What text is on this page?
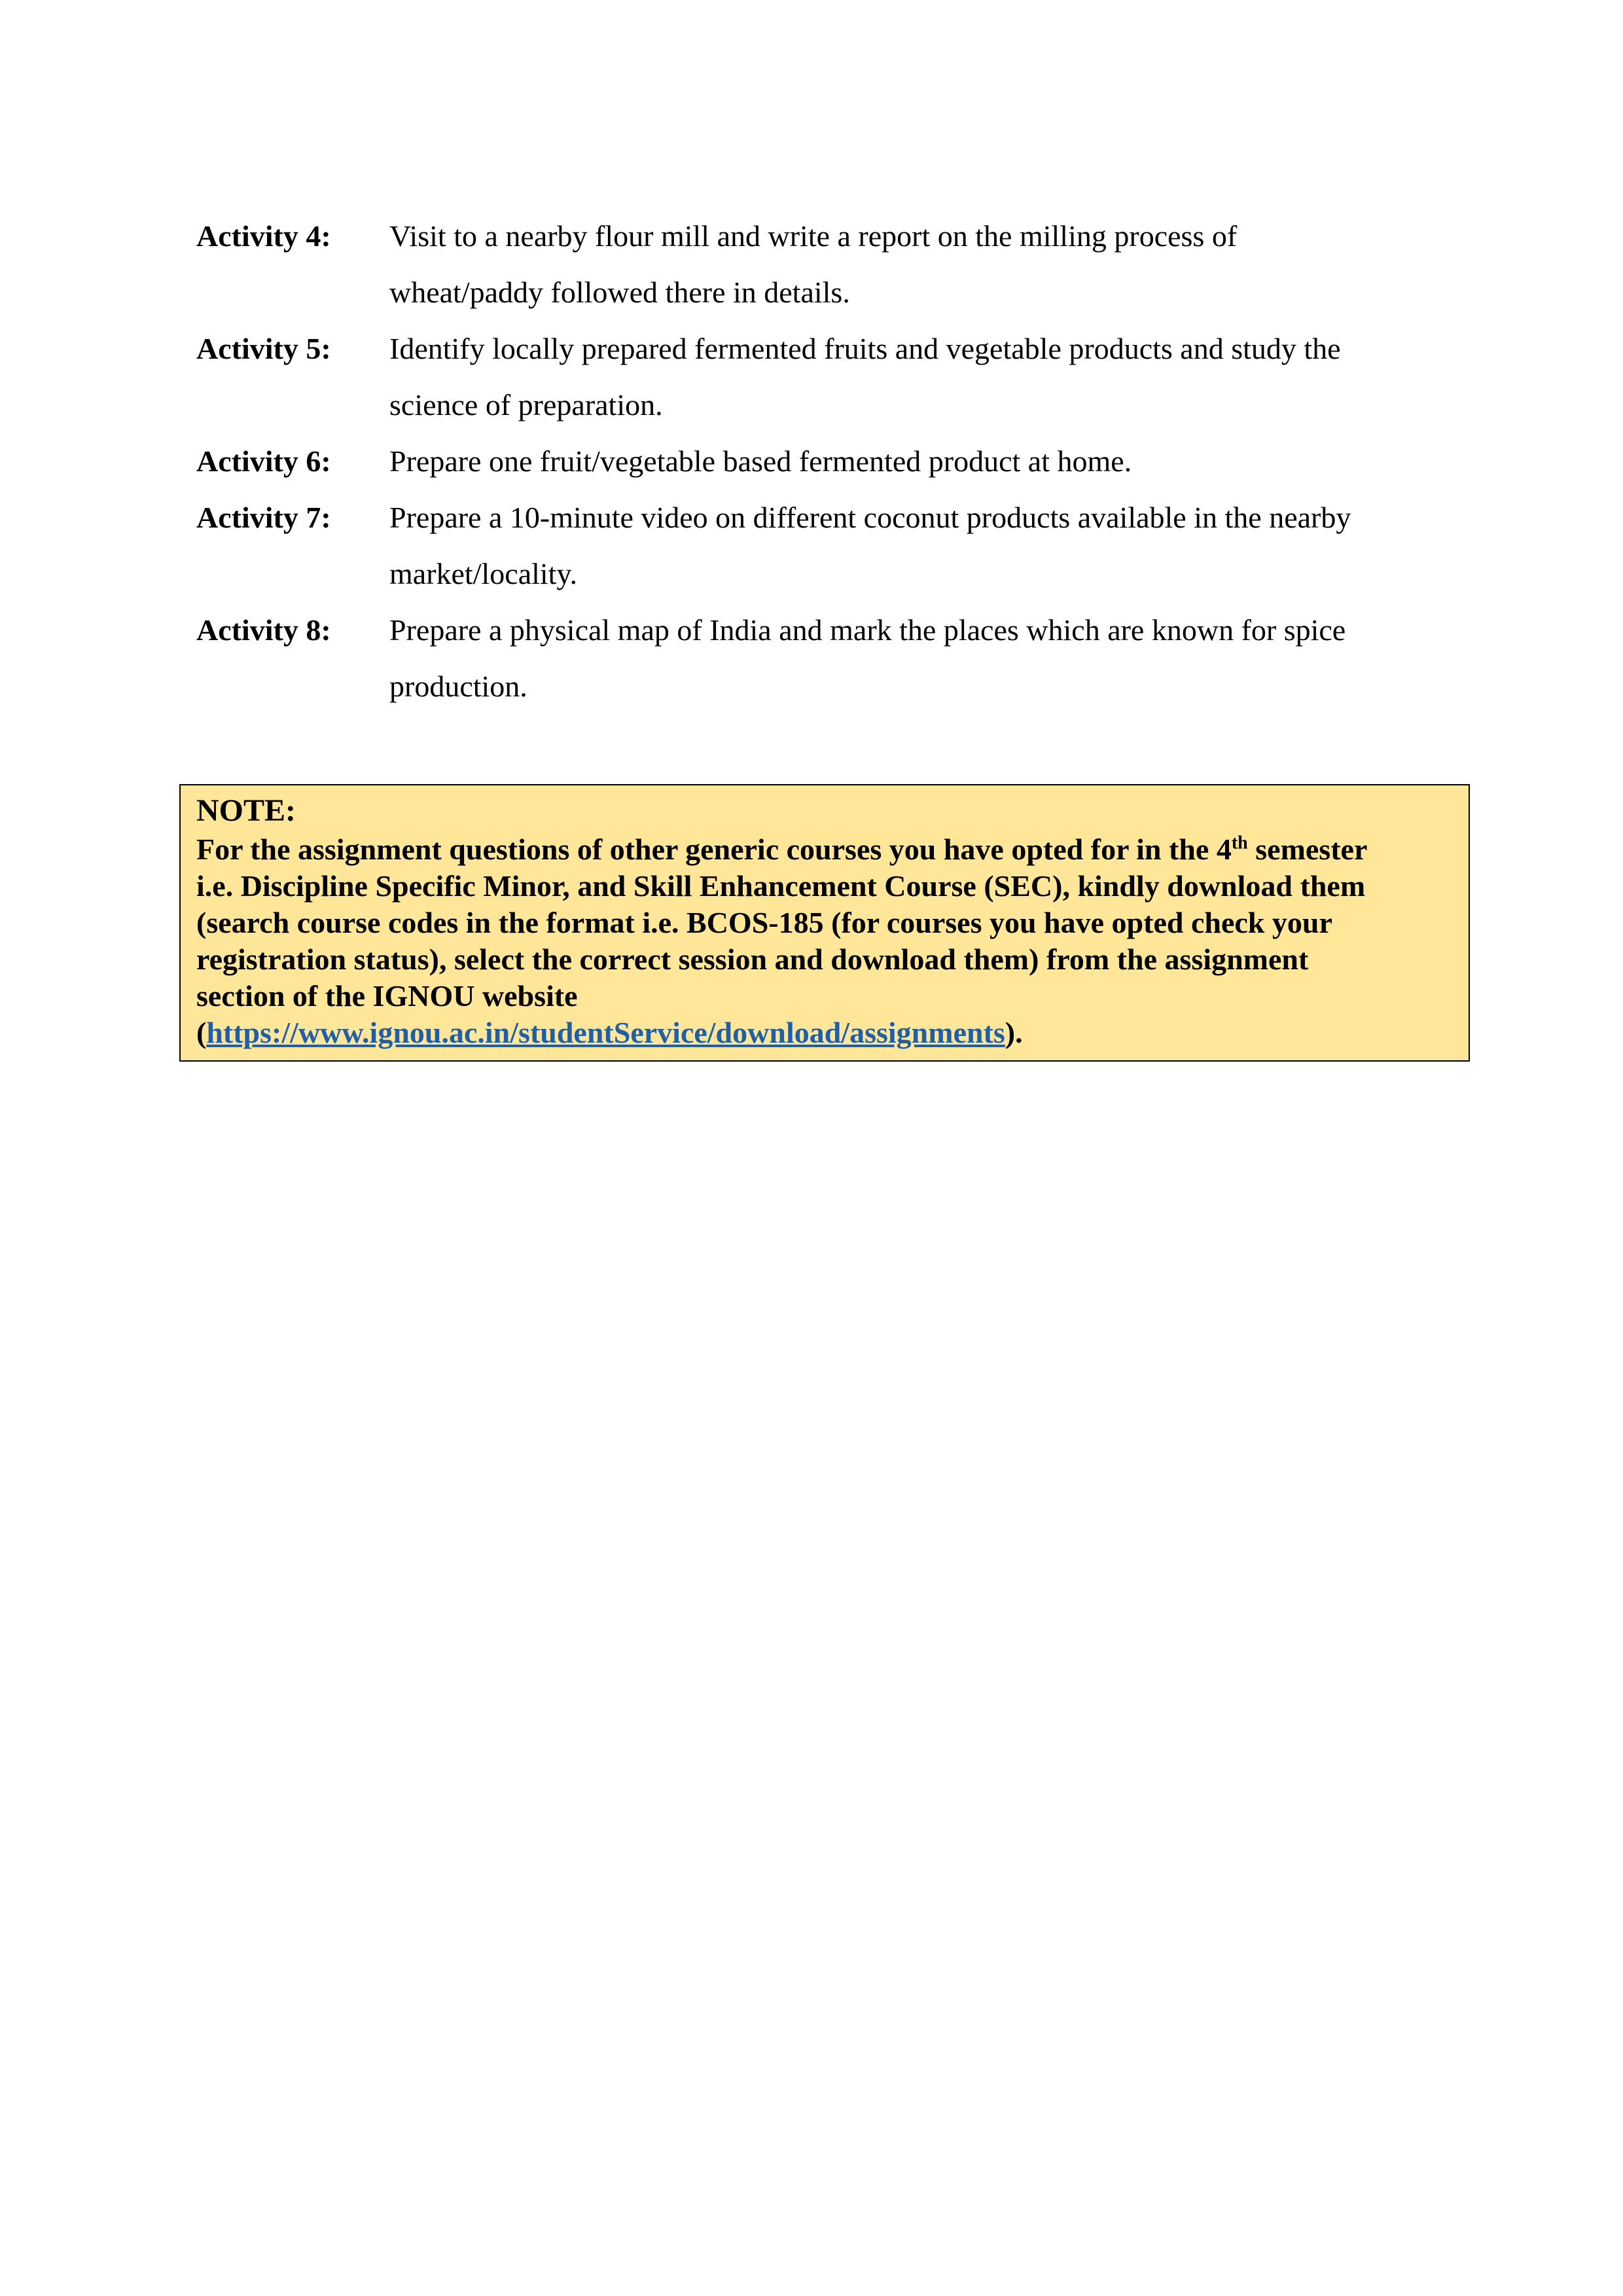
Activity 4:	Visit to a nearby flour mill and write a report on the milling process of
wheat/paddy followed there in details.
Activity 5:	Identify locally prepared fermented fruits and vegetable products and study the
science of preparation.
Activity 6:	Prepare one fruit/vegetable based fermented product at home.
Activity 7:	Prepare a 10-minute video on different coconut products available in the nearby
market/locality.
Activity 8:	Prepare a physical map of India and mark the places which are known for spice
production.
NOTE:
For the assignment questions of other generic courses you have opted for in the 4th semester
i.e. Discipline Specific Minor, and Skill Enhancement Course (SEC), kindly download them
(search course codes in the format i.e. BCOS-185 (for courses you have opted check your
registration status), select the correct session and download them) from the assignment
section of the IGNOU website
(https://www.ignou.ac.in/studentService/download/assignments).
